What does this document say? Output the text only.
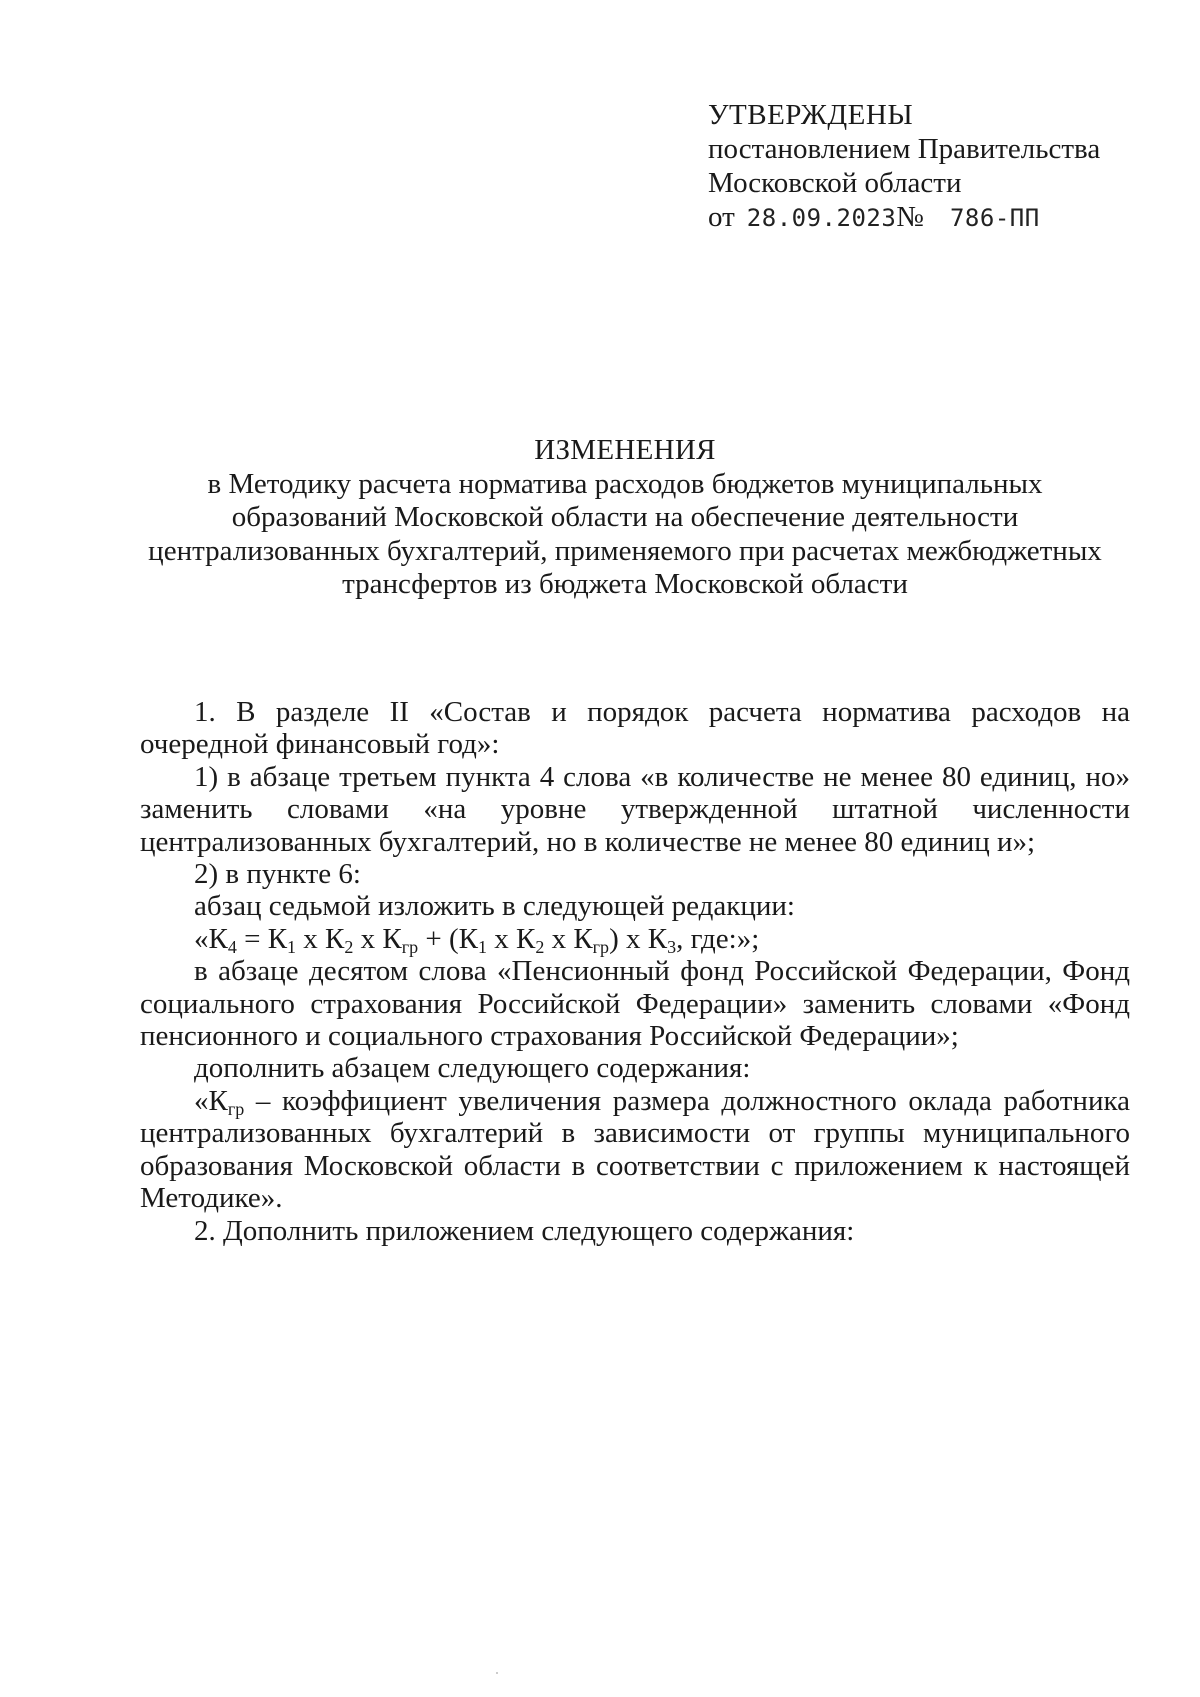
УТВЕРЖДЕНЫ
постановлением Правительства
Московской области
от 28.09.2023№ 786-ПП
ИЗМЕНЕНИЯ
в Методику расчета норматива расходов бюджетов муниципальных
образований Московской области на обеспечение деятельности
централизованных бухгалтерий, применяемого при расчетах межбюджетных
трансфертов из бюджета Московской области

1. В разделе II «Состав и порядок расчета норматива расходов на очередной финансовый год»:

1) в абзаце третьем пункта 4 слова «в количестве не менее 80 единиц, но» заменить словами «на уровне утвержденной штатной численности централизованных бухгалтерий, но в количестве не менее 80 единиц и»;

2) в пункте 6:

абзац седьмой изложить в следующей редакции:

«$К_4 = К_1$ x $К_2$ x $К_{гр} + (К_1$ x $К_2$ x $К_{гр}$) x $К_3$, где:»;

в абзаце десятом слова «Пенсионный фонд Российской Федерации, Фонд социального страхования Российской Федерации» заменить словами «Фонд пенсионного и социального страхования Российской Федерации»;

дополнить абзацем следующего содержания:

«$К_{гр}$ – коэффициент увеличения размера должностного оклада работника централизованных бухгалтерий в зависимости от группы муниципального образования Московской области в соответствии с приложением к настоящей Методике».

2. Дополнить приложением следующего содержания:
